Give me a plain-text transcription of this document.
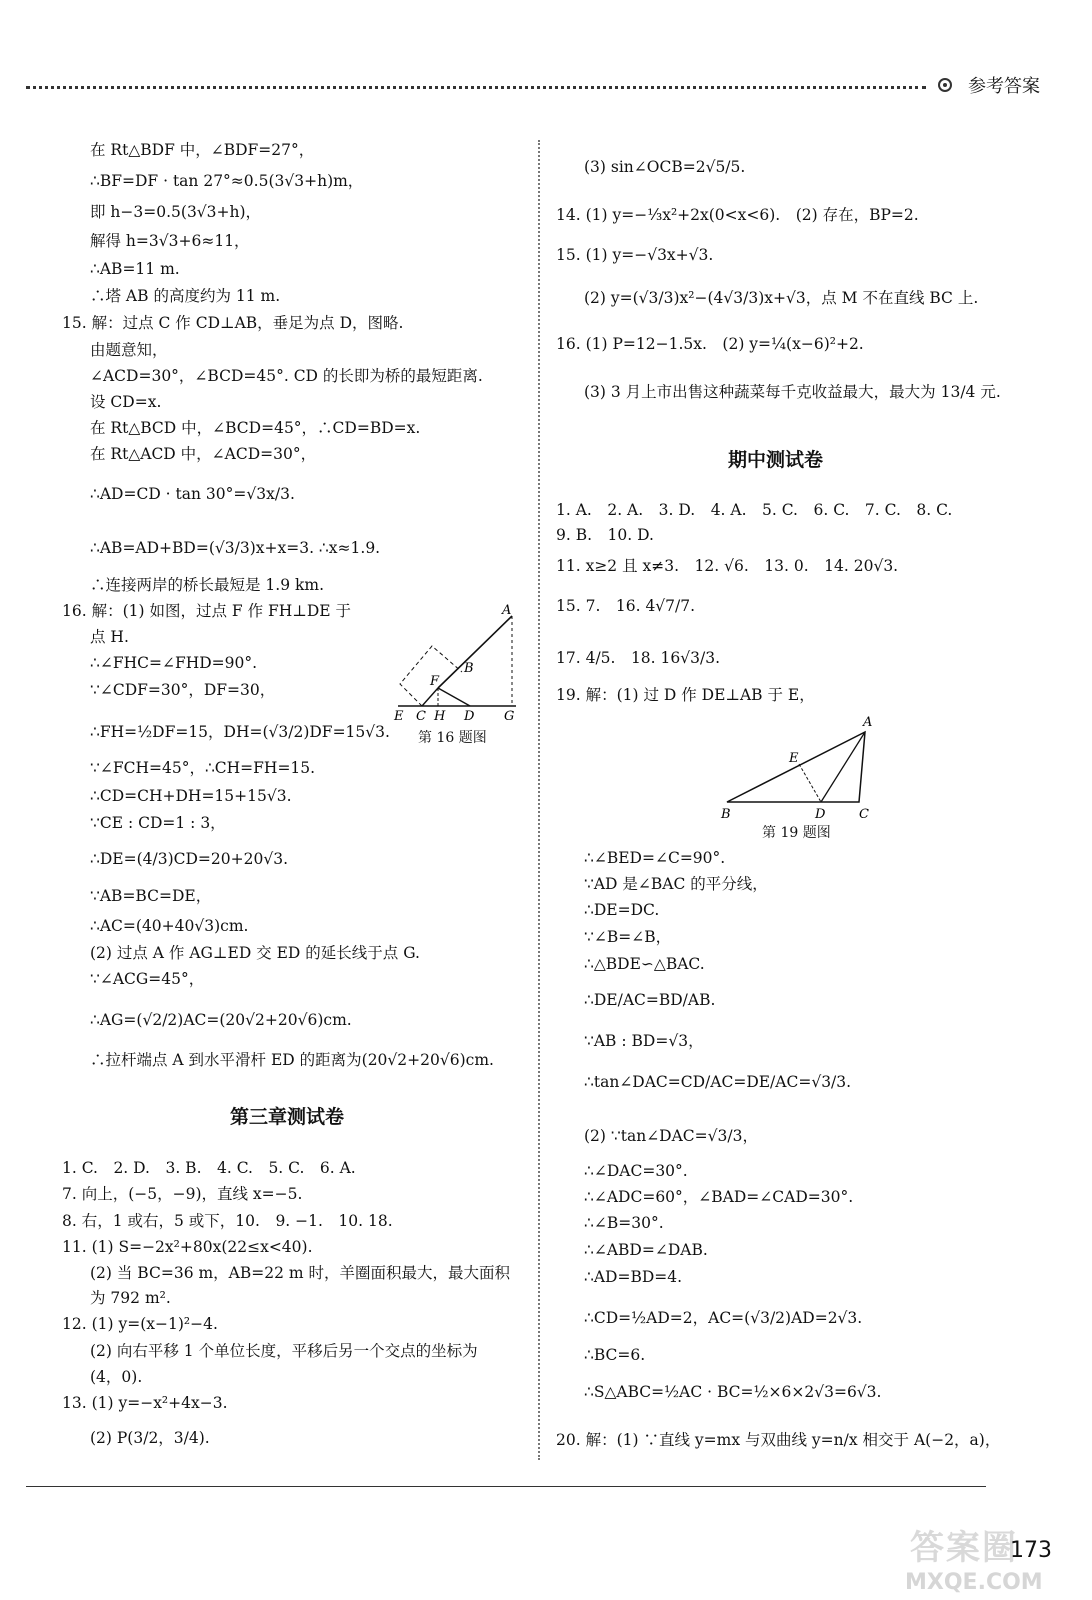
参考答案
在 Rt△BDF 中，∠BDF=27°，
∴BF=DF · tan 27°≈0.5(3√3+h)m，
即 h−3=0.5(3√3+h)，
解得 h=3√3+6≈11，
∴AB=11 m.
∴塔 AB 的高度约为 11 m.
15. 解：过点 C 作 CD⊥AB，垂足为点 D，图略.
由题意知，
∠ACD=30°，∠BCD=45°. CD 的长即为桥的最短距离.
设 CD=x.
在 Rt△BCD 中，∠BCD=45°，∴CD=BD=x.
在 Rt△ACD 中，∠ACD=30°，
∴AD=CD · tan 30°=√3x/3.
∴AB=AD+BD=(√3/3)x+x=3. ∴x≈1.9.
∴连接两岸的桥长最短是 1.9 km.
16. 解：(1) 如图，过点 F 作 FH⊥DE 于
点 H.
∴∠FHC=∠FHD=90°.
∵∠CDF=30°，DF=30，
∴FH=½DF=15，DH=(√3/2)DF=15√3.
∵∠FCH=45°，∴CH=FH=15.
∴CD=CH+DH=15+15√3.
∵CE : CD=1 : 3，
∴DE=(4/3)CD=20+20√3.
∵AB=BC=DE，
∴AC=(40+40√3)cm.
(2) 过点 A 作 AG⊥ED 交 ED 的延长线于点 G.
∵∠ACG=45°，
∴AG=(√2/2)AC=(20√2+20√6)cm.
∴拉杆端点 A 到水平滑杆 ED 的距离为(20√2+20√6)cm.
A
B
F
E C H D G
第 16 题图
第三章测试卷
1. C.　2. D.　3. B.　4. C.　5. C.　6. A.
7. 向上，(−5，−9)，直线 x=−5.
8. 右，1 或右，5 或下，10.　9. −1.　10. 18.
11. (1) S=−2x²+80x(22≤x<40).
(2) 当 BC=36 m，AB=22 m 时，羊圈面积最大，最大面积
为 792 m².
12. (1) y=(x−1)²−4.
(2) 向右平移 1 个单位长度，平移后另一个交点的坐标为
(4，0).
13. (1) y=−x²+4x−3.
(2) P(3/2，3/4).
(3) sin∠OCB=2√5/5.
14. (1) y=−⅓x²+2x(0<x<6).　(2) 存在，BP=2.
15. (1) y=−√3x+√3.
(2) y=(√3/3)x²−(4√3/3)x+√3，点 M 不在直线 BC 上.
16. (1) P=12−1.5x.　(2) y=¼(x−6)²+2.
(3) 3 月上市出售这种蔬菜每千克收益最大，最大为 13/4 元.
期中测试卷
1. A.　2. A.　3. D.　4. A.　5. C.　6. C.　7. C.　8. C.
9. B.　10. D.
11. x≥2 且 x≠3.　12. √6.　13. 0.　14. 20√3.
15. 7.　16. 4√7/7.
17. 4/5.　18. 16√3/3.
19. 解：(1) 过 D 作 DE⊥AB 于 E，
A
E
B	D	C
第 19 题图
∴∠BED=∠C=90°.
∵AD 是∠BAC 的平分线，
∴DE=DC.
∵∠B=∠B，
∴△BDE∽△BAC.
∴DE/AC=BD/AB.
∵AB : BD=√3，
∴tan∠DAC=CD/AC=DE/AC=√3/3.
(2) ∵tan∠DAC=√3/3，
∴∠DAC=30°.
∴∠ADC=60°，∠BAD=∠CAD=30°.
∴∠B=30°.
∴∠ABD=∠DAB.
∴AD=BD=4.
∴CD=½AD=2，AC=(√3/2)AD=2√3.
∴BC=6.
∴S△ABC=½AC · BC=½×6×2√3=6√3.
20. 解：(1) ∵直线 y=mx 与双曲线 y=n/x 相交于 A(−2，a)，
答案圈
MXQE.COM
173
